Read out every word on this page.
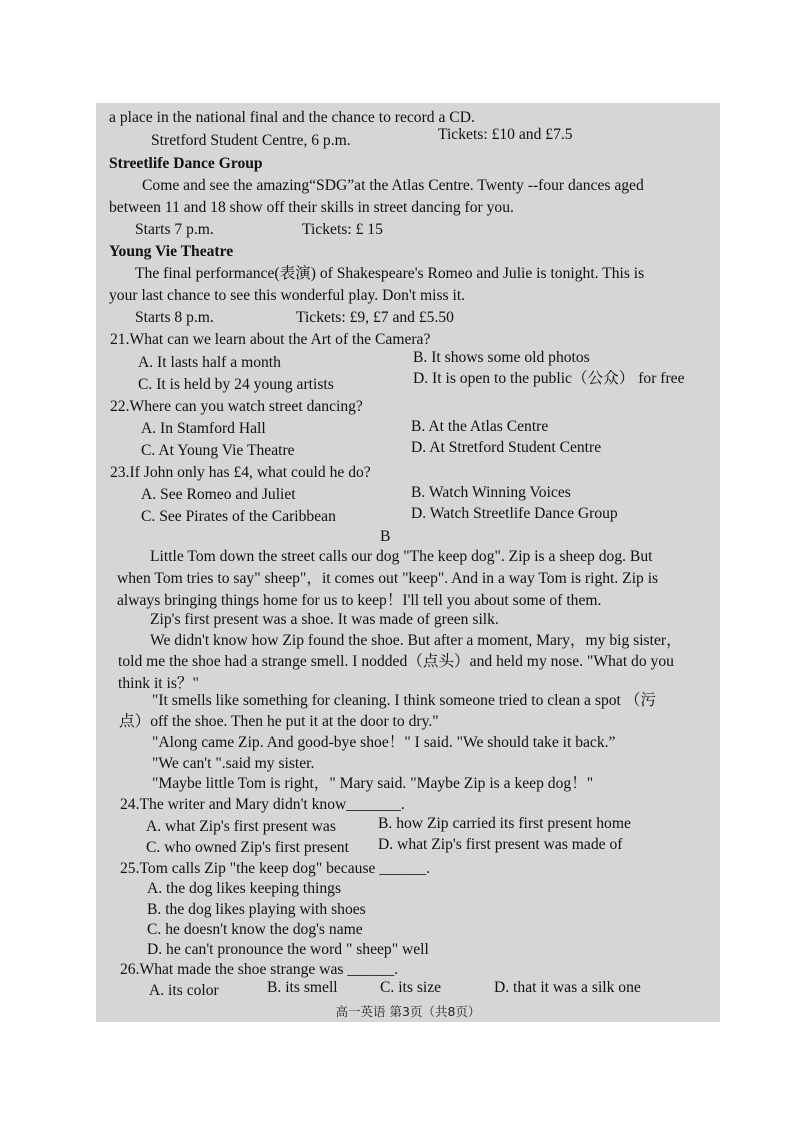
a place in the national final and the chance to record a CD.
Stretford Student Centre, 6 p.m.	Tickets: £10 and £7.5
Streetlife Dance Group
Come and see the amazing“SDG”at the Atlas Centre. Twenty --four dances aged
between 11 and 18 show off their skills in street dancing for you.
Starts 7 p.m.	Tickets: £ 15
Young Vie Theatre
The final performance(表演) of Shakespeare's Romeo and Julie is tonight. This is
your last chance to see this wonderful play. Don't miss it.
Starts 8 p.m.	Tickets: £9, £7 and £5.50
21.What can we learn about the Art of the Camera?
A. It lasts half a month	B. It shows some old photos
C. It is held by 24 young artists	D. It is open to the public（公众） for free
22.Where can you watch street dancing?
A. In Stamford Hall	B. At the Atlas Centre
C. At Young Vie Theatre	D. At Stretford Student Centre
23.If John only has £4, what could he do?
A. See Romeo and Juliet	B. Watch Winning Voices
C. See Pirates of the Caribbean	D. Watch Streetlife Dance Group
B
Little Tom down the street calls our dog "The keep dog". Zip is a sheep dog. But
when Tom tries to say" sheep"，it comes out "keep". And in a way Tom is right. Zip is
always bringing things home for us to keep！I'll tell you about some of them.
Zip's first present was a shoe. It was made of green silk.
We didn't know how Zip found the shoe. But after a moment, Mary，my big sister，
told me the shoe had a strange smell. I nodded（点头）and held my nose. "What do you
think it is？"
"It smells like something for cleaning. I think someone tried to clean a spot （污
点）off the shoe. Then he put it at the door to dry."
"Along came Zip. And good-bye shoe！" I said. "We should take it back.”
"We can't ".said my sister.
"Maybe little Tom is right，" Mary said. "Maybe Zip is a keep dog！"
24.The writer and Mary didn't know_______.
A. what Zip's first present was	B. how Zip carried its first present home
C. who owned Zip's first present D. what Zip's first present was made of
25.Tom calls Zip "the keep dog" because ______.
A. the dog likes keeping things
B. the dog likes playing with shoes
C. he doesn't know the dog's name
D. he can't pronounce the word " sheep" well
26.What made the shoe strange was ______.
A. its color	B. its smell	C. its size	D. that it was a silk one
高一英语 第3页（共8页）
